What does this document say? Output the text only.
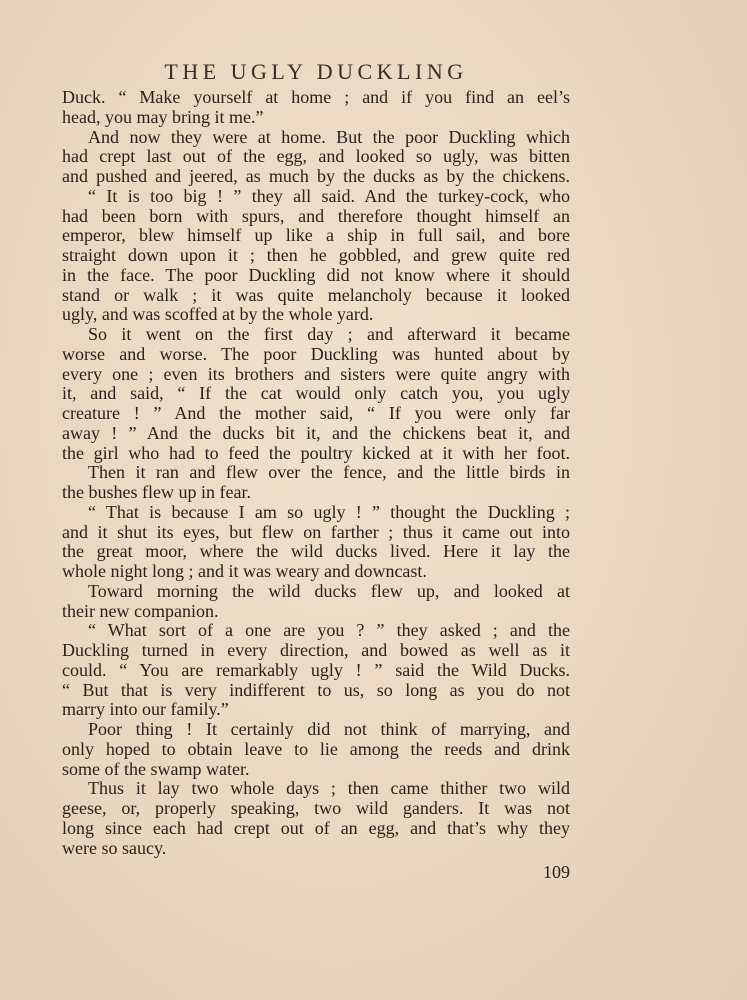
THE UGLY DUCKLING
Duck. “ Make yourself at home ; and if you find an eel’s
head, you may bring it me.”
And now they were at home. But the poor Duckling which
had crept last out of the egg, and looked so ugly, was bitten
and pushed and jeered, as much by the ducks as by the chickens.
“ It is too big ! ” they all said. And the turkey-cock, who
had been born with spurs, and therefore thought himself an
emperor, blew himself up like a ship in full sail, and bore
straight down upon it ; then he gobbled, and grew quite red
in the face. The poor Duckling did not know where it should
stand or walk ; it was quite melancholy because it looked
ugly, and was scoffed at by the whole yard.
So it went on the first day ; and afterward it became
worse and worse. The poor Duckling was hunted about by
every one ; even its brothers and sisters were quite angry with
it, and said, “ If the cat would only catch you, you ugly
creature ! ” And the mother said, “ If you were only far
away ! ” And the ducks bit it, and the chickens beat it, and
the girl who had to feed the poultry kicked at it with her foot.
Then it ran and flew over the fence, and the little birds in
the bushes flew up in fear.
“ That is because I am so ugly ! ” thought the Duckling ;
and it shut its eyes, but flew on farther ; thus it came out into
the great moor, where the wild ducks lived. Here it lay the
whole night long ; and it was weary and downcast.
Toward morning the wild ducks flew up, and looked at
their new companion.
“ What sort of a one are you ? ” they asked ; and the
Duckling turned in every direction, and bowed as well as it
could. “ You are remarkably ugly ! ” said the Wild Ducks.
“ But that is very indifferent to us, so long as you do not
marry into our family.”
Poor thing ! It certainly did not think of marrying, and
only hoped to obtain leave to lie among the reeds and drink
some of the swamp water.
Thus it lay two whole days ; then came thither two wild
geese, or, properly speaking, two wild ganders. It was not
long since each had crept out of an egg, and that’s why they
were so saucy.
109
